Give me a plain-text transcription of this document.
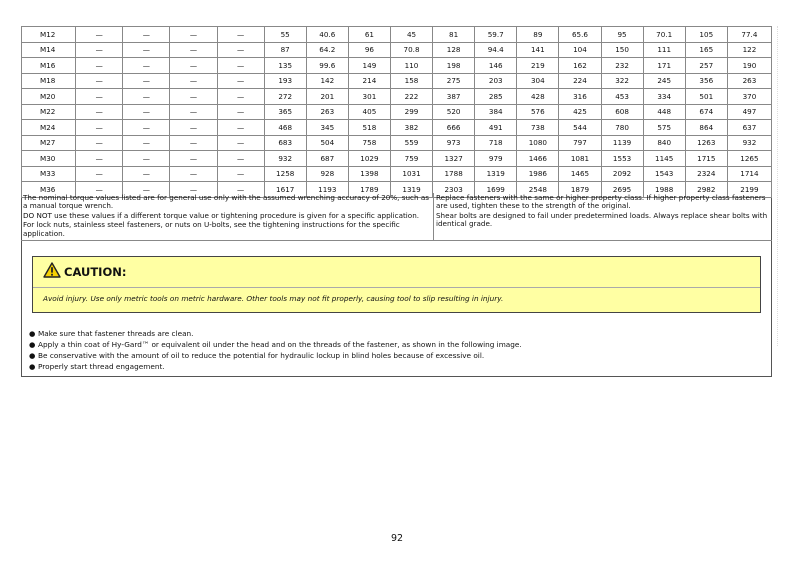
M12	—	—	—	—	55	40.6	61	45	81	59.7	89	65.6	95	70.1	105	77.4
M14	—	—	—	—	87	64.2	96	70.8	128	94.4	141	104	150	111	165	122
M16	—	—	—	—	135	99.6	149	110	198	146	219	162	232	171	257	190
M18	—	—	—	—	193	142	214	158	275	203	304	224	322	245	356	263
M20	—	—	—	—	272	201	301	222	387	285	428	316	453	334	501	370
M22	—	—	—	—	365	263	405	299	520	384	576	425	608	448	674	497
M24	—	—	—	—	468	345	518	382	666	491	738	544	780	575	864	637
M27	—	—	—	—	683	504	758	559	973	718	1080	797	1139	840	1263	932
M30	—	—	—	—	932	687	1029	759	1327	979	1466	1081	1553	1145	1715	1265
M33	—	—	—	—	1258	928	1398	1031	1788	1319	1986	1465	2092	1543	2324	1714
M36	—	—	—	—	1617	1193	1789	1319	2303	1699	2548	1879	2695	1988	2982	2199

The nominal torque values listed are for general use only with the assumed wrenching accuracy of 20%, such as a manual torque wrench.

DO NOT use these values if a different torque value or tightening procedure is given for a specific application.

For lock nuts, stainless steel fasteners, or nuts on U-bolts, see the tightening instructions for the specific application.

Replace fasteners with the same or higher property class. If higher property class fasteners are used, tighten these to the strength of the original.

Shear bolts are designed to fail under predetermined loads. Always replace shear bolts with identical grade.

CAUTION:
Avoid injury. Use only metric tools on metric hardware. Other tools may not fit properly, causing tool to slip resulting in injury.
● Make sure that fastener threads are clean.
● Apply a thin coat of Hy-Gard™ or equivalent oil under the head and on the threads of the fastener, as shown in the following image.
● Be conservative with the amount of oil to reduce the potential for hydraulic lockup in blind holes because of excessive oil.
● Properly start thread engagement.
92
